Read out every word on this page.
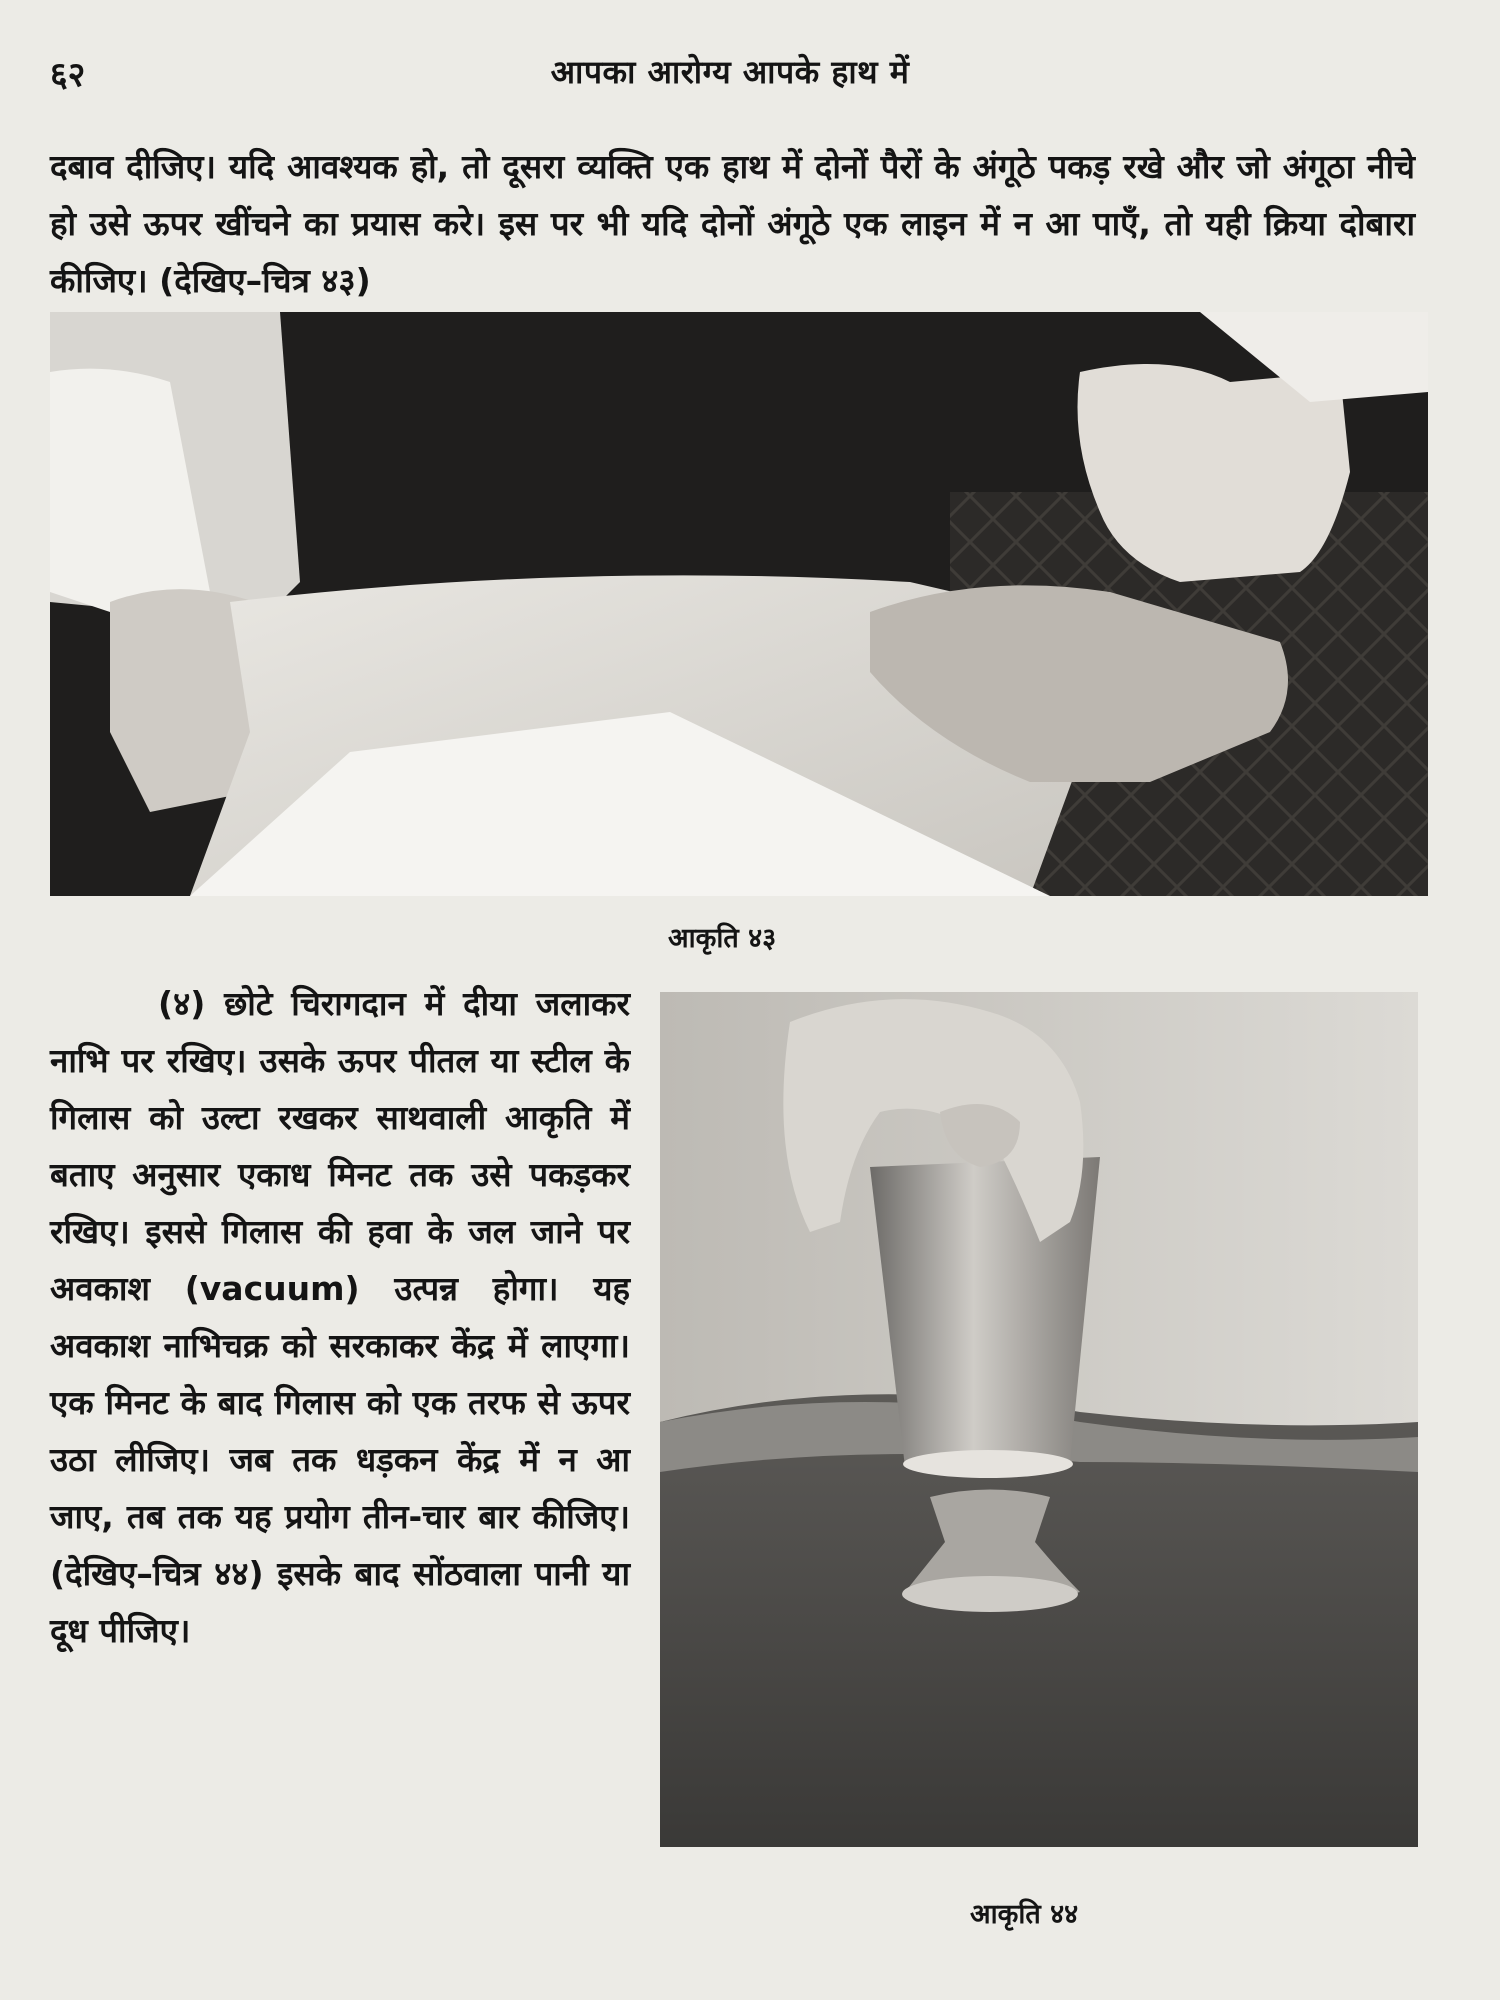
६२	आपका आरोग्य आपके हाथ में

दबाव दीजिए। यदि आवश्यक हो, तो दूसरा व्यक्ति एक हाथ में दोनों पैरों के अंगूठे पकड़ रखे और जो अंगूठा नीचे हो उसे ऊपर खींचने का प्रयास करे। इस पर भी यदि दोनों अंगूठे एक लाइन में न आ पाएँ, तो यही क्रिया दोबारा कीजिए। (देखिए–चित्र ४३)

आकृति ४३

(४) छोटे चिरागदान में दीया जलाकर नाभि पर रखिए। उसके ऊपर पीतल या स्टील के गिलास को उल्टा रखकर साथवाली आकृति में बताए अनुसार एकाध मिनट तक उसे पकड़कर रखिए। इससे गिलास की हवा के जल जाने पर अवकाश (vacuum) उत्पन्न होगा। यह अवकाश नाभिचक्र को सरकाकर केंद्र में लाएगा। एक मिनट के बाद गिलास को एक तरफ से ऊपर उठा लीजिए। जब तक धड़कन केंद्र में न आ जाए, तब तक यह प्रयोग तीन-चार बार कीजिए। (देखिए–चित्र ४४) इसके बाद सोंठवाला पानी या दूध पीजिए।

आकृति ४४
